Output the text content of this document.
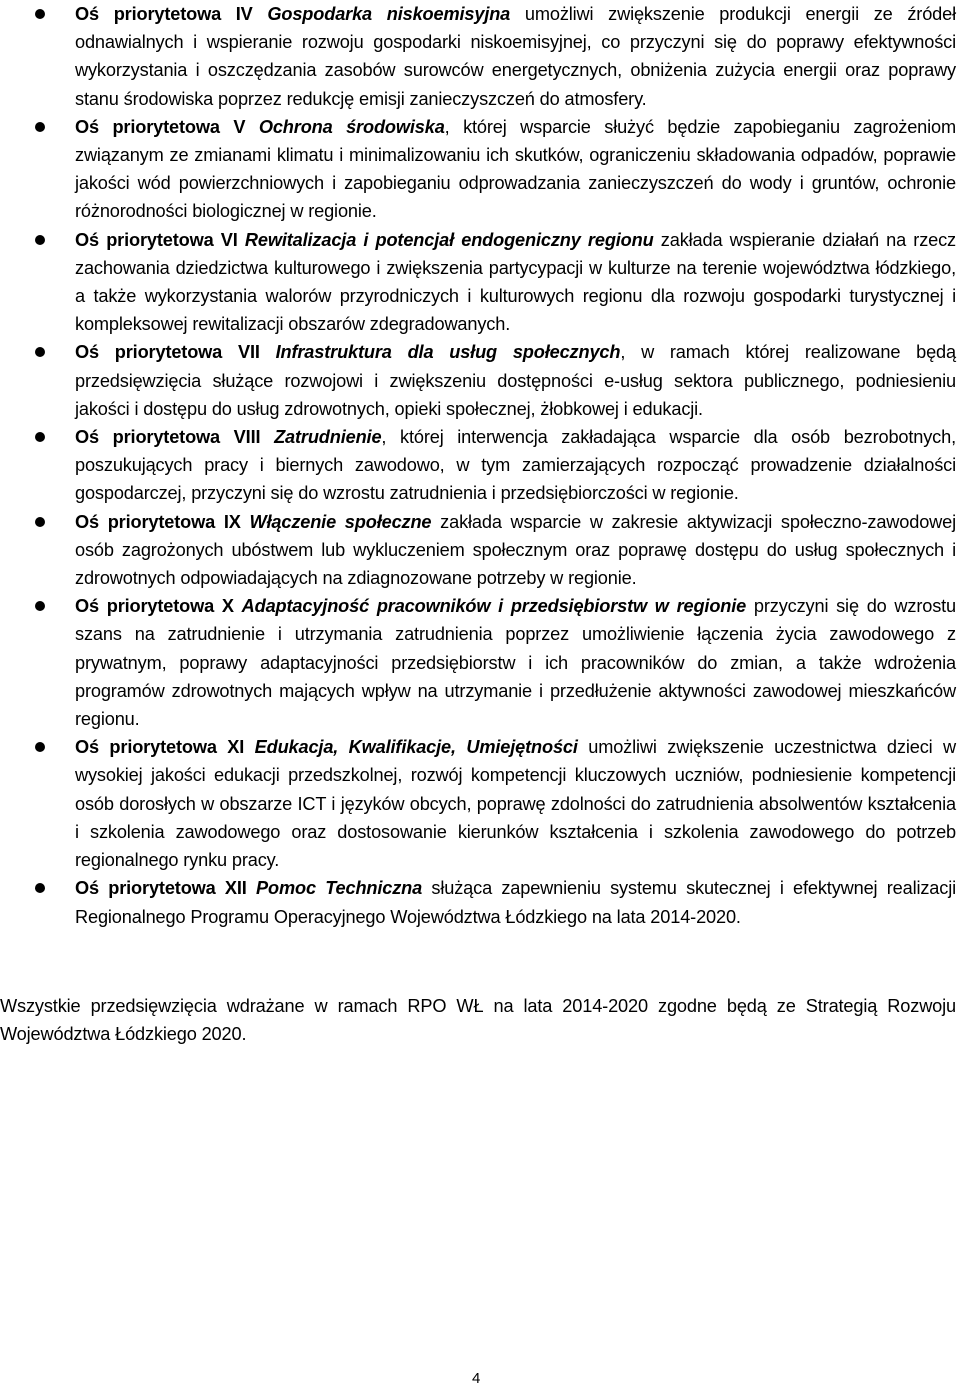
Oś priorytetowa IV Gospodarka niskoemisyjna umożliwi zwiększenie produkcji energii ze źródeł odnawialnych i wspieranie rozwoju gospodarki niskoemisyjnej, co przyczyni się do poprawy efektywności wykorzystania i oszczędzania zasobów surowców energetycznych, obniżenia zużycia energii oraz poprawy stanu środowiska poprzez redukcję emisji zanieczyszczeń do atmosfery.
Oś priorytetowa V Ochrona środowiska, której wsparcie służyć będzie zapobieganiu zagrożeniom związanym ze zmianami klimatu i minimalizowaniu ich skutków, ograniczeniu składowania odpadów, poprawie jakości wód powierzchniowych i zapobieganiu odprowadzania zanieczyszczeń do wody i gruntów, ochronie różnorodności biologicznej w regionie.
Oś priorytetowa VI Rewitalizacja i potencjał endogeniczny regionu zakłada wspieranie działań na rzecz zachowania dziedzictwa kulturowego i zwiększenia partycypacji w kulturze na terenie województwa łódzkiego, a także wykorzystania walorów przyrodniczych i kulturowych regionu dla rozwoju gospodarki turystycznej i kompleksowej rewitalizacji obszarów zdegradowanych.
Oś priorytetowa VII Infrastruktura dla usług społecznych, w ramach której realizowane będą przedsięwzięcia służące rozwojowi i zwiększeniu dostępności e-usług sektora publicznego, podniesieniu jakości i dostępu do usług zdrowotnych, opieki społecznej, żłobkowej i edukacji.
Oś priorytetowa VIII Zatrudnienie, której interwencja zakładająca wsparcie dla osób bezrobotnych, poszukujących pracy i biernych zawodowo, w tym zamierzających rozpocząć prowadzenie działalności gospodarczej, przyczyni się do wzrostu zatrudnienia i przedsiębiorczości w regionie.
Oś priorytetowa IX Włączenie społeczne zakłada wsparcie w zakresie aktywizacji społeczno-zawodowej osób zagrożonych ubóstwem lub wykluczeniem społecznym oraz poprawę dostępu do usług społecznych i zdrowotnych odpowiadających na zdiagnozowane potrzeby w regionie.
Oś priorytetowa X Adaptacyjność pracowników i przedsiębiorstw w regionie przyczyni się do wzrostu szans na zatrudnienie i utrzymania zatrudnienia poprzez umożliwienie łączenia życia zawodowego z prywatnym, poprawy adaptacyjności przedsiębiorstw i ich pracowników do zmian, a także wdrożenia programów zdrowotnych mających wpływ na utrzymanie i przedłużenie aktywności zawodowej mieszkańców regionu.
Oś priorytetowa XI Edukacja, Kwalifikacje, Umiejętności umożliwi zwiększenie uczestnictwa dzieci w wysokiej jakości edukacji przedszkolnej, rozwój kompetencji kluczowych uczniów, podniesienie kompetencji osób dorosłych w obszarze ICT i języków obcych, poprawę zdolności do zatrudnienia absolwentów kształcenia i szkolenia zawodowego oraz dostosowanie kierunków kształcenia i szkolenia zawodowego do potrzeb regionalnego rynku pracy.
Oś priorytetowa XII Pomoc Techniczna służąca zapewnieniu systemu skutecznej i efektywnej realizacji Regionalnego Programu Operacyjnego Województwa Łódzkiego na lata 2014-2020.

Wszystkie przedsięwzięcia wdrażane w ramach RPO WŁ na lata 2014-2020 zgodne będą ze Strategią Rozwoju Województwa Łódzkiego 2020.

4
